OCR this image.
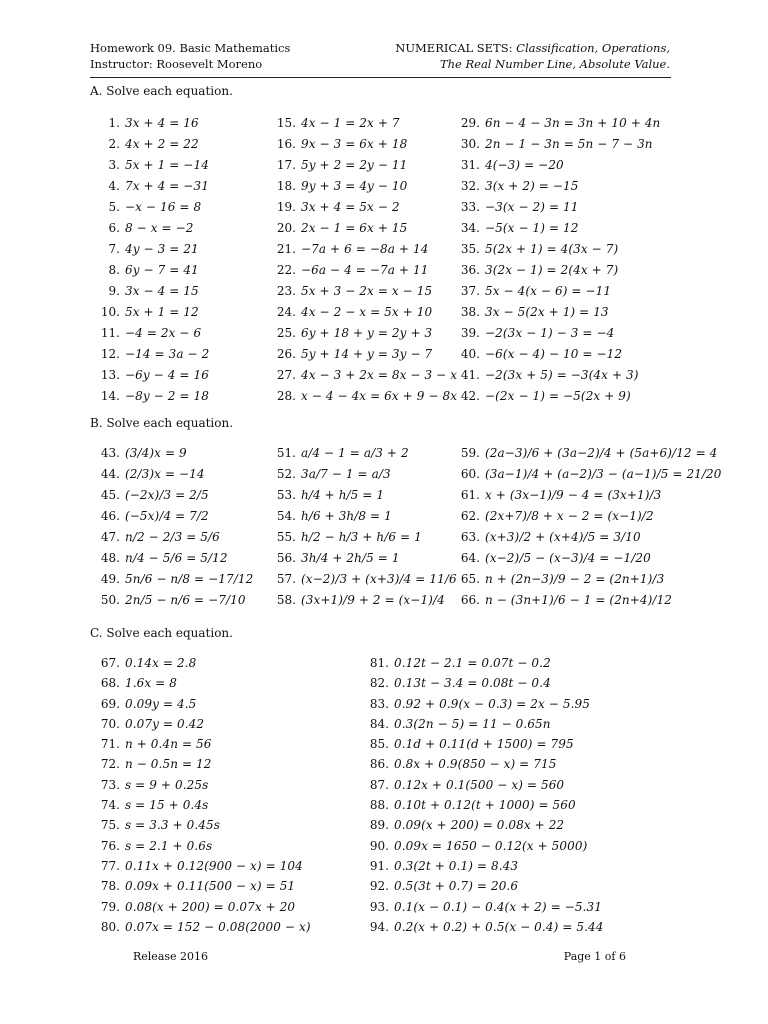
Homework 09. Basic Mathematics
Instructor: Roosevelt Moreno
NUMERICAL SETS: Classification, Operations,
The Real Number Line, Absolute Value.
A. Solve each equation.
1. 3x + 4 = 16
2. 4x + 2 = 22
3. 5x + 1 = −14
4. 7x + 4 = −31
5. −x − 16 = 8
6. 8 − x = −2
7. 4y − 3 = 21
8. 6y − 7 = 41
9. 3x − 4 = 15
10. 5x + 1 = 12
11. −4 = 2x − 6
12. −14 = 3a − 2
13. −6y − 4 = 16
14. −8y − 2 = 18
15. 4x − 1 = 2x + 7
16. 9x − 3 = 6x + 18
17. 5y + 2 = 2y − 11
18. 9y + 3 = 4y − 10
19. 3x + 4 = 5x − 2
20. 2x − 1 = 6x + 15
21. −7a + 6 = −8a + 14
22. −6a − 4 = −7a + 11
23. 5x + 3 − 2x = x − 15
24. 4x − 2 − x = 5x + 10
25. 6y + 18 + y = 2y + 3
26. 5y + 14 + y = 3y − 7
27. 4x − 3 + 2x = 8x − 3 − x
28. x − 4 − 4x = 6x + 9 − 8x
29. 6n − 4 − 3n = 3n + 10 + 4n
30. 2n − 1 − 3n = 5n − 7 − 3n
31. 4(−3) = −20
32. 3(x + 2) = −15
33. −3(x − 2) = 11
34. −5(x − 1) = 12
35. 5(2x + 1) = 4(3x − 7)
36. 3(2x − 1) = 2(4x + 7)
37. 5x − 4(x − 6) = −11
38. 3x − 5(2x + 1) = 13
39. −2(3x − 1) − 3 = −4
40. −6(x − 4) − 10 = −12
41. −2(3x + 5) = −3(4x + 3)
42. −(2x − 1) = −5(2x + 9)
B. Solve each equation.
43. (3/4)x = 9
44. (2/3)x = −14
45. (−2x)/3 = 2/5
46. (−5x)/4 = 7/2
47. n/2 − 2/3 = 5/6
48. n/4 − 5/6 = 5/12
49. 5n/6 − n/8 = −17/12
50. 2n/5 − n/6 = −7/10
51. a/4 − 1 = a/3 + 2
52. 3a/7 − 1 = a/3
53. h/4 + h/5 = 1
54. h/6 + 3h/8 = 1
55. h/2 − h/3 + h/6 = 1
56. 3h/4 + 2h/5 = 1
57. (x−2)/3 + (x+3)/4 = 11/6
58. (3x+1)/9 + 2 = (x−1)/4
59. (2a−3)/6 + (3a−2)/4 + (5a+6)/12 = 4
60. (3a−1)/4 + (a−2)/3 − (a−1)/5 = 21/20
61. x + (3x−1)/9 − 4 = (3x+1)/3
62. (2x+7)/8 + x − 2 = (x−1)/2
63. (x+3)/2 + (x+4)/5 = 3/10
64. (x−2)/5 − (x−3)/4 = −1/20
65. n + (2n−3)/9 − 2 = (2n+1)/3
66. n − (3n+1)/6 − 1 = (2n+4)/12
C. Solve each equation.
67. 0.14x = 2.8
68. 1.6x = 8
69. 0.09y = 4.5
70. 0.07y = 0.42
71. n + 0.4n = 56
72. n − 0.5n = 12
73. s = 9 + 0.25s
74. s = 15 + 0.4s
75. s = 3.3 + 0.45s
76. s = 2.1 + 0.6s
77. 0.11x + 0.12(900 − x) = 104
78. 0.09x + 0.11(500 − x) = 51
79. 0.08(x + 200) = 0.07x + 20
80. 0.07x = 152 − 0.08(2000 − x)
81. 0.12t − 2.1 = 0.07t − 0.2
82. 0.13t − 3.4 = 0.08t − 0.4
83. 0.92 + 0.9(x − 0.3) = 2x − 5.95
84. 0.3(2n − 5) = 11 − 0.65n
85. 0.1d + 0.11(d + 1500) = 795
86. 0.8x + 0.9(850 − x) = 715
87. 0.12x + 0.1(500 − x) = 560
88. 0.10t + 0.12(t + 1000) = 560
89. 0.09(x + 200) = 0.08x + 22
90. 0.09x = 1650 − 0.12(x + 5000)
91. 0.3(2t + 0.1) = 8.43
92. 0.5(3t + 0.7) = 20.6
93. 0.1(x − 0.1) − 0.4(x + 2) = −5.31
94. 0.2(x + 0.2) + 0.5(x − 0.4) = 5.44
Release 2016	Page 1 of 6
